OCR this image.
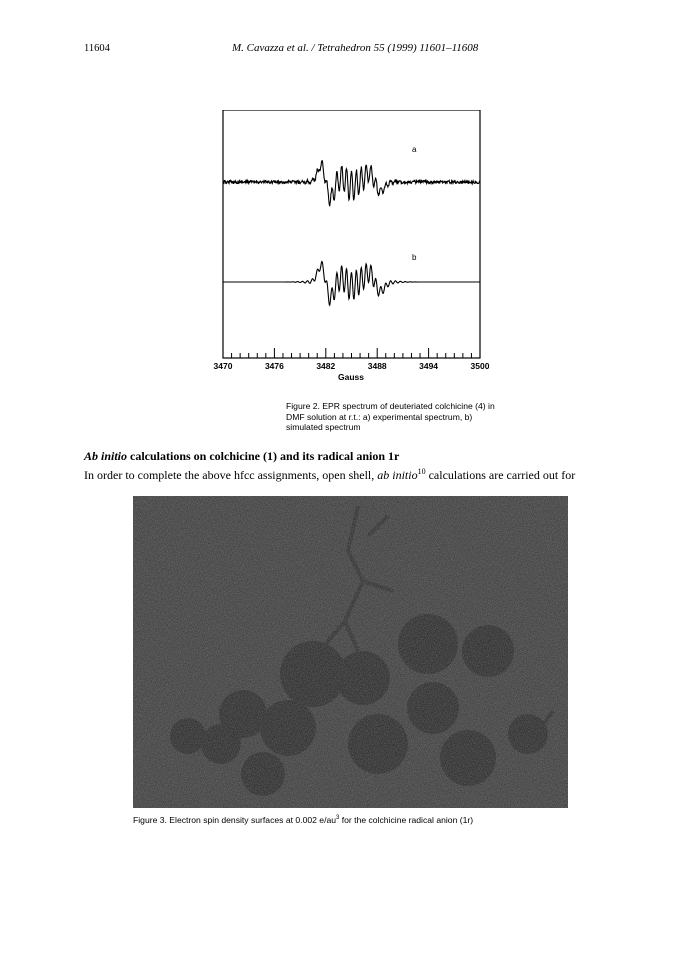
11604	M. Cavazza et al. / Tetrahedron 55 (1999) 11601–11608
a
b
3470	3476	3482	3488	3494	3500
Gauss
Figure 2. EPR spectrum of deuteriated colchicine (4) in DMF solution at r.t.: a) experimental spectrum, b) simulated spectrum
Ab initio calculations on colchicine (1) and its radical anion 1r
In order to complete the above hfcc assignments, open shell, ab initio$^{10}$ calculations are carried out for
Figure 3. Electron spin density surfaces at 0.002 $e/au^3$ for the colchicine radical anion (1r)
